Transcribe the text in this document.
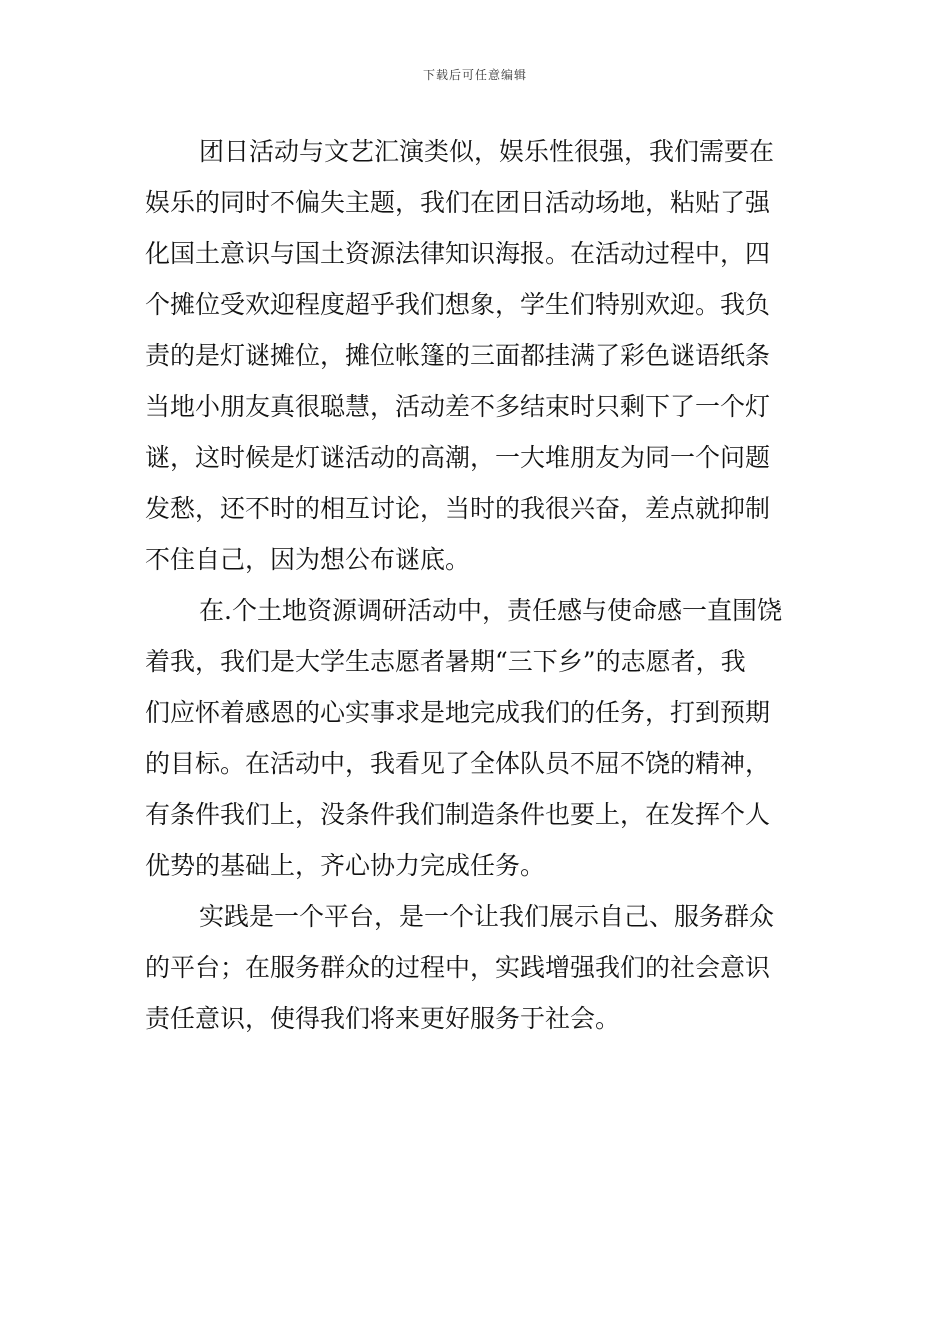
下载后可任意编辑
团日活动与文艺汇演类似，娱乐性很强，我们需要在
娱乐的同时不偏失主题，我们在团日活动场地，粘贴了强
化国土意识与国土资源法律知识海报。在活动过程中，四
个摊位受欢迎程度超乎我们想象，学生们特别欢迎。我负
责的是灯谜摊位，摊位帐篷的三面都挂满了彩色谜语纸条
当地小朋友真很聪慧，活动差不多结束时只剩下了一个灯
谜，这时候是灯谜活动的高潮，一大堆朋友为同一个问题
发愁，还不时的相互讨论，当时的我很兴奋，差点就抑制
不住自己，因为想公布谜底。
在.个土地资源调研活动中，责任感与使命感一直围饶
着我，我们是大学生志愿者暑期“三下乡”的志愿者，我
们应怀着感恩的心实事求是地完成我们的任务，打到预期
的目标。在活动中，我看见了全体队员不屈不饶的精神，
有条件我们上，没条件我们制造条件也要上，在发挥个人
优势的基础上，齐心协力完成任务。
实践是一个平台，是一个让我们展示自己、服务群众
的平台；在服务群众的过程中，实践增强我们的社会意识
责任意识，使得我们将来更好服务于社会。
